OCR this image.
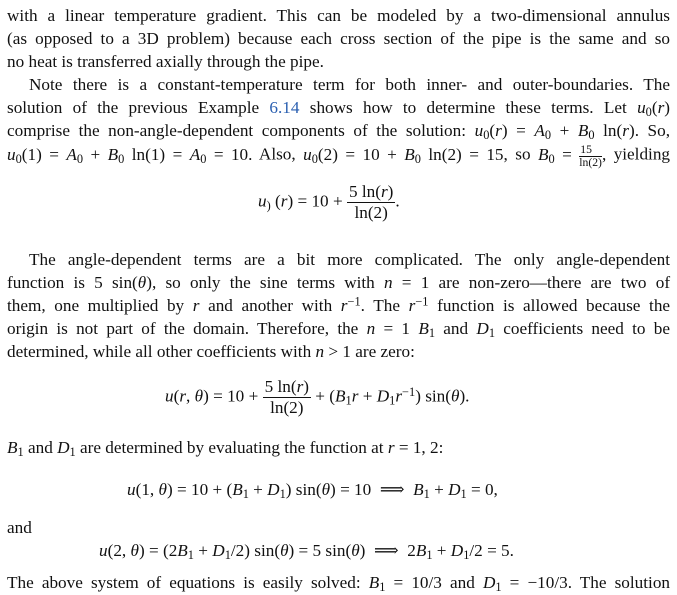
with a linear temperature gradient. This can be modeled by a two-dimensional annulus
(as opposed to a 3D problem) because each cross section of the pipe is the same and so
no heat is transferred axially through the pipe.
Note there is a constant-temperature term for both inner- and outer-boundaries. The
solution of the previous Example 6.14 shows how to determine these terms. Let $u_0(r)$
comprise the non-angle-dependent components of the solution: $u_0(r) = A_0 + B_0$ ln(r). So,
$u_0(1) = A_0 + B_0$ $\ln(1) = A_0 = 10$. Also, $u_0(2) = 10 + B_0$ ln(2) = 15, so $B_0 = \frac{15}{\ln(2)}$ , yielding
$u_)$ $(r) = 10 + \frac{5 \ln(r)}{\ln(2)}$ .
The angle-dependent terms are a bit more complicated. The only angle-dependent
function is 5 sin(θ), so only the sine terms with n = 1 are non-zero—there are two of
them, one multiplied by r and another with $r^{-1}$. The $r^{-1}$ function is allowed because the
origin is not part of the domain. Therefore, the n = 1 $B_1$ and $D_1$ coefficients need to be
determined, while all other coefficients with n > 1 are zero:
u(r, $\theta) = 10 + \frac{5 \ln(r)}{\ln(2)} + (B_1r + D_1r^{-1})$ sin(θ).
$B_1$ and $D_1$ are determined by evaluating the function at r = 1, 2:
u(1, $\theta) = 10 + (B_1 + D_1) \sin(\theta) = 10$  ⟹  $B_1 + D_1 = 0$,
and
u(2, $\theta) = (2B_1 + D_1/2) \sin(\theta) = 5$ sin(θ)  ⟹  $2B_1 + D_1/2 = 5$.
The above system of equations is easily solved: $B_1 = 10/3$ and $D_1 = -10/3$. The solution
